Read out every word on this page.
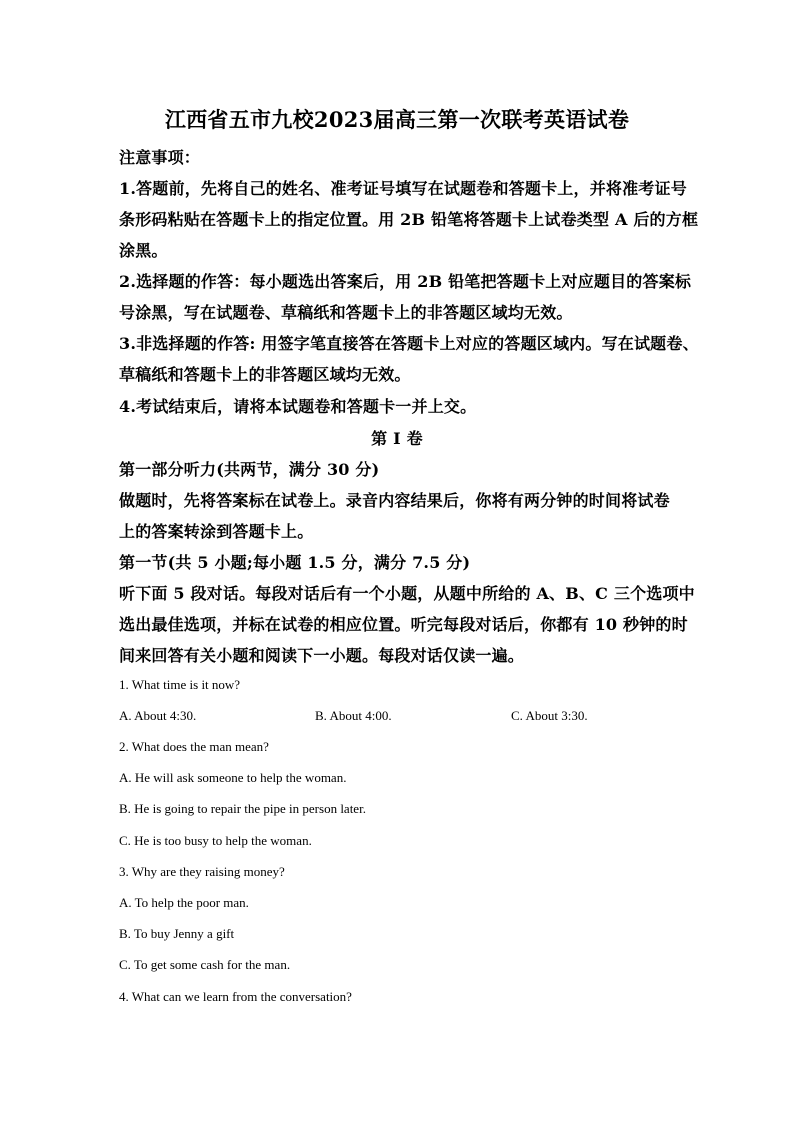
江西省五市九校2023届高三第一次联考英语试卷
注意事项：
1.答题前，先将自己的姓名、准考证号填写在试题卷和答题卡上，并将准考证号
条形码粘贴在答题卡上的指定位置。用 2B 铅笔将答题卡上试卷类型 A 后的方框
涂黑。
2.选择题的作答：每小题选出答案后，用 2B 铅笔把答题卡上对应题目的答案标
号涂黑，写在试题卷、草稿纸和答题卡上的非答题区域均无效。
3.非选择题的作答: 用签字笔直接答在答题卡上对应的答题区域内。写在试题卷、
草稿纸和答题卡上的非答题区域均无效。
4.考试结束后，请将本试题卷和答题卡一并上交。
第 I 卷
第一部分听力(共两节，满分 30 分)
做题时，先将答案标在试卷上。录音内容结果后，你将有两分钟的时间将试卷
上的答案转涂到答题卡上。
第一节(共 5 小题;每小题 1.5 分，满分 7.5 分)
听下面 5 段对话。每段对话后有一个小题，从题中所给的 A、B、C 三个选项中
选出最佳选项，并标在试卷的相应位置。听完每段对话后，你都有 10 秒钟的时
间来回答有关小题和阅读下一小题。每段对话仅读一遍。
1. What time is it now?
A. About 4:30.	B. About 4:00.	C. About 3:30.
2. What does the man mean?
A. He will ask someone to help the woman.
B. He is going to repair the pipe in person later.
C. He is too busy to help the woman.
3. Why are they raising money?
A. To help the poor man.
B. To buy Jenny a gift
C. To get some cash for the man.
4. What can we learn from the conversation?
